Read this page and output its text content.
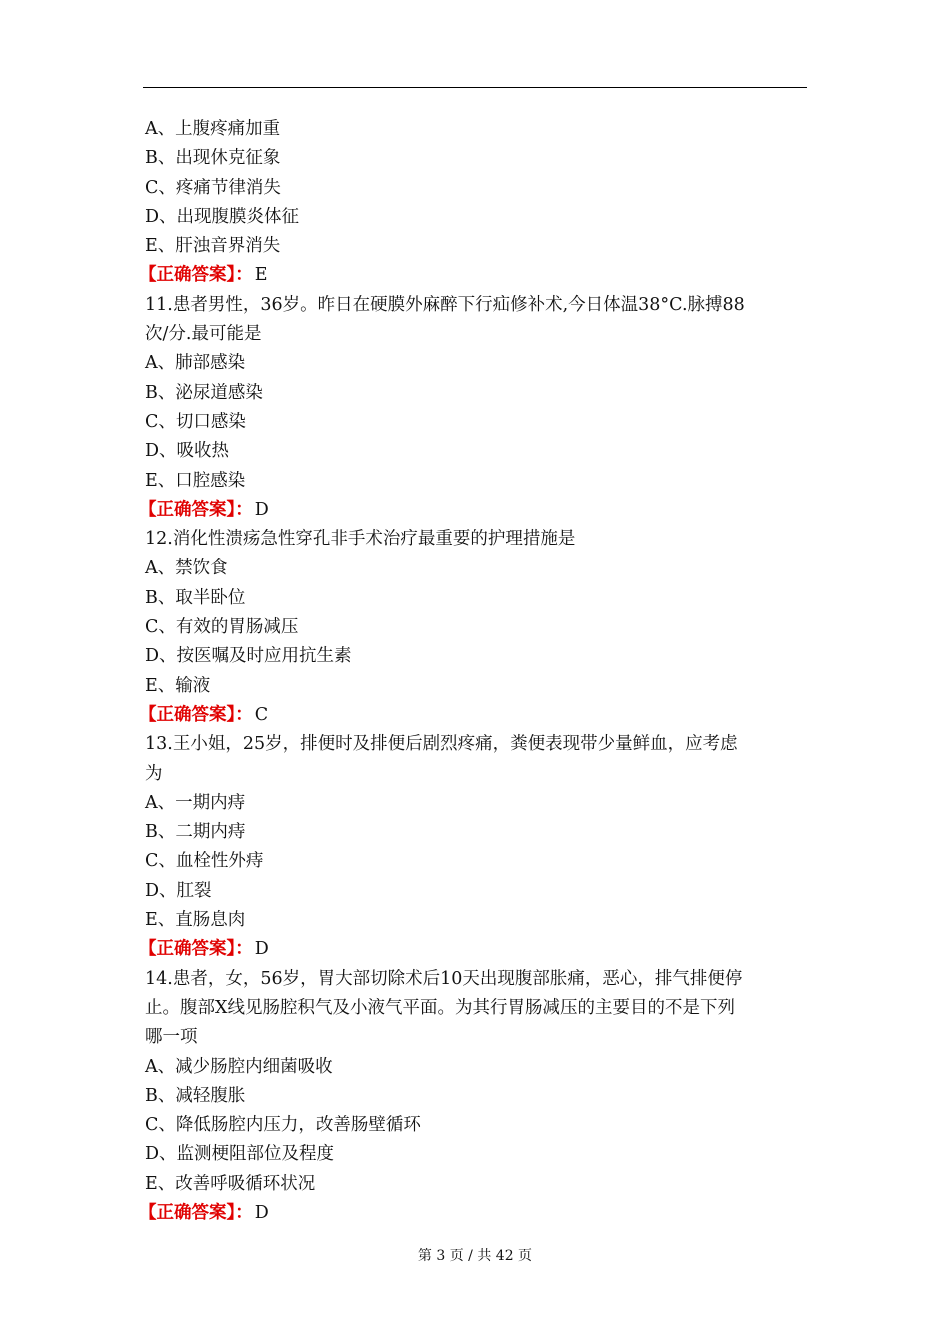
A、上腹疼痛加重
B、出现休克征象
C、疼痛节律消失
D、出现腹膜炎体征
E、肝浊音界消失
【正确答案】： E
11.患者男性，36岁。昨日在硬膜外麻醉下行疝修补术,今日体温38°C.脉搏88
次/分.最可能是
A、肺部感染
B、泌尿道感染
C、切口感染
D、吸收热
E、口腔感染
【正确答案】： D
12.消化性溃疡急性穿孔非手术治疗最重要的护理措施是
A、禁饮食
B、取半卧位
C、有效的胃肠减压
D、按医嘱及时应用抗生素
E、输液
【正确答案】： C
13.王小姐，25岁，排便时及排便后剧烈疼痛，粪便表现带少量鲜血，应考虑
为
A、一期内痔
B、二期内痔
C、血栓性外痔
D、肛裂
E、直肠息肉
【正确答案】： D
14.患者，女，56岁，胃大部切除术后10天出现腹部胀痛，恶心，排气排便停
止。腹部X线见肠腔积气及小液气平面。为其行胃肠减压的主要目的不是下列
哪一项
A、减少肠腔内细菌吸收
B、减轻腹胀
C、降低肠腔内压力，改善肠壁循环
D、监测梗阻部位及程度
E、改善呼吸循环状况
【正确答案】： D
第 3 页 / 共 42 页
